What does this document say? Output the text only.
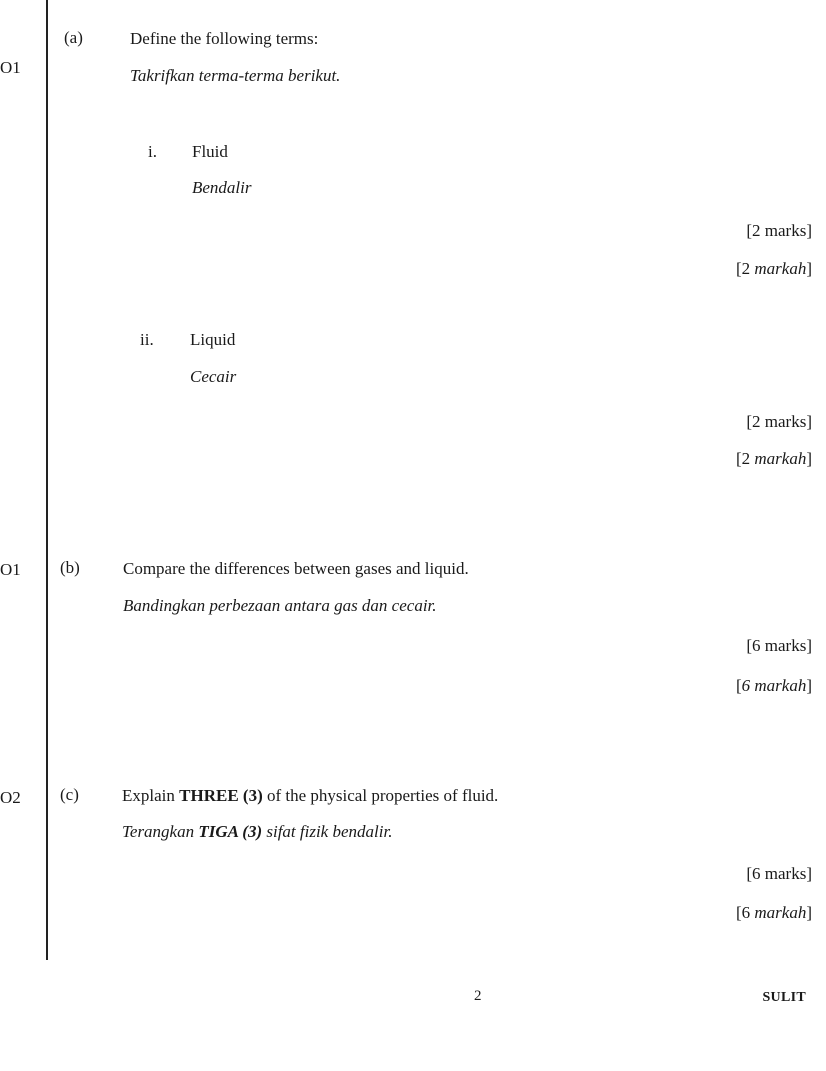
O1
O1
O2
(a)	Define the following terms:
Takrifkan terma-terma berikut.
i. Fluid
Bendalir
[2 marks]
[2 markah]
ii. Liquid
Cecair
[2 marks]
[2 markah]
(b)	Compare the differences between gases and liquid.
Bandingkan perbezaan antara gas dan cecair.
[6 marks]
[6 markah]
(c)	Explain THREE (3) of the physical properties of fluid.
Terangkan TIGA (3) sifat fizik bendalir.
[6 marks]
[6 markah]
2	SULIT
